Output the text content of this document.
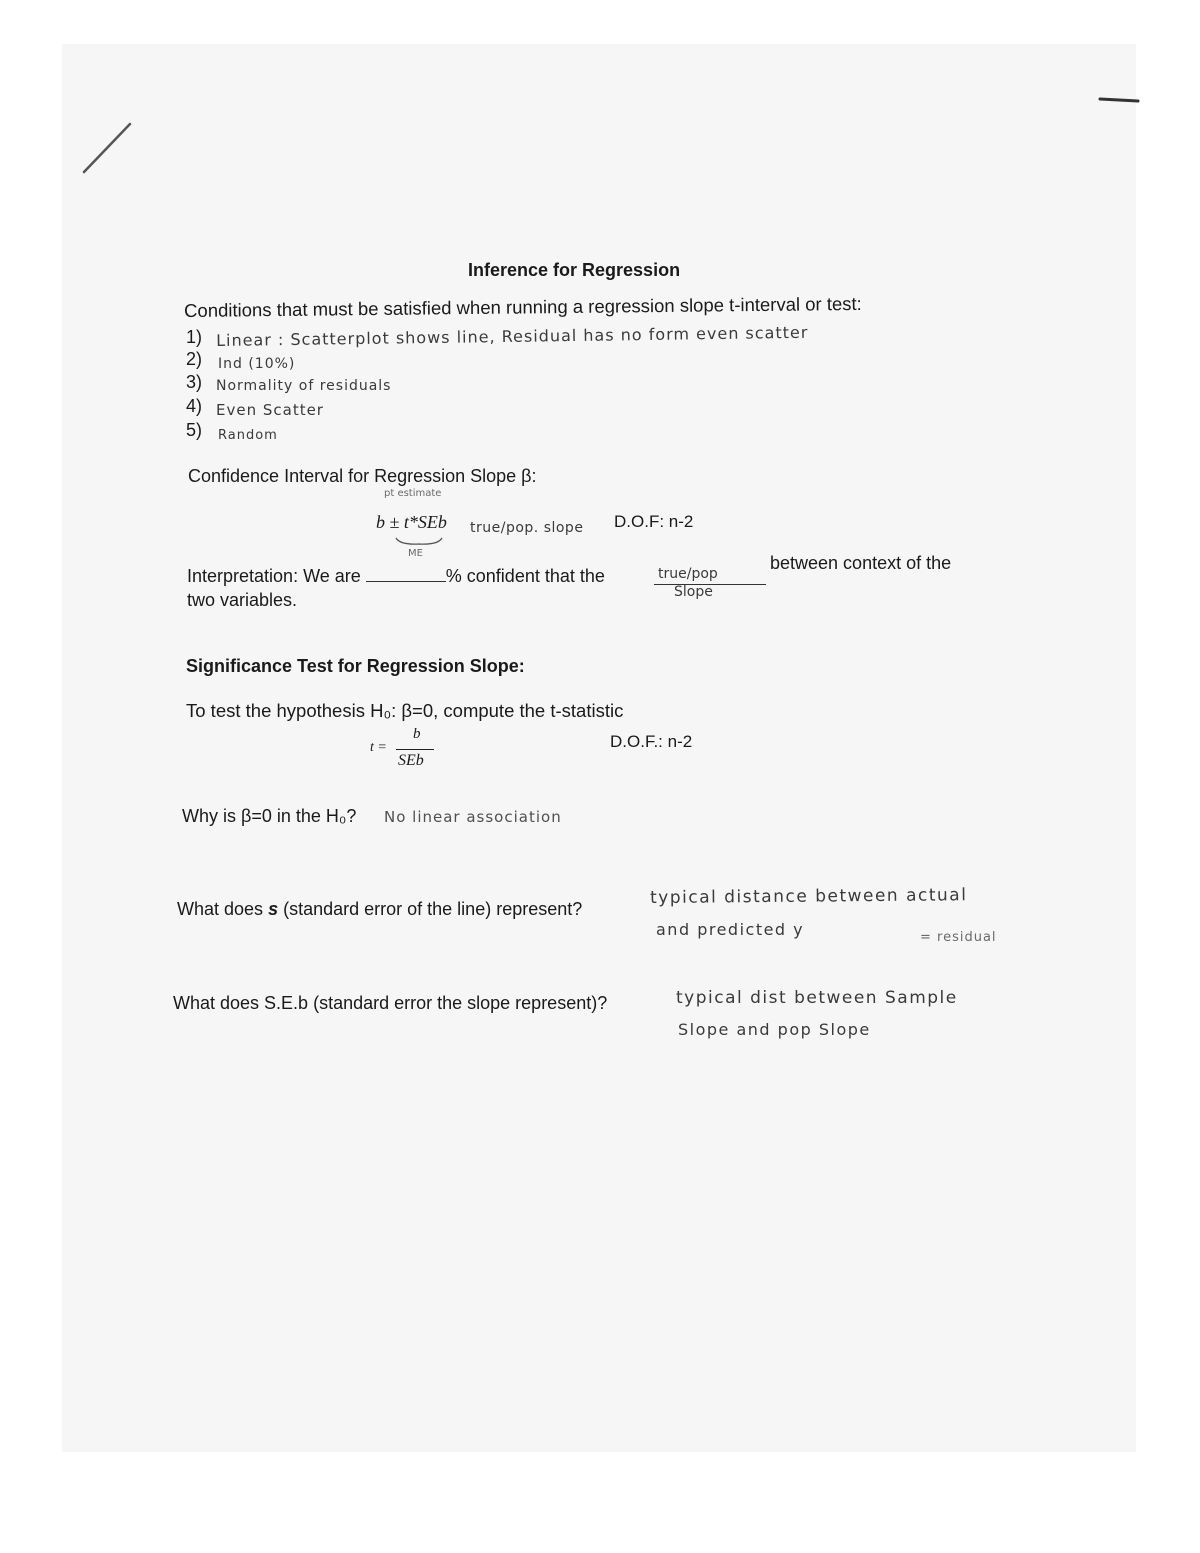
Inference for Regression
Conditions that must be satisfied when running a regression slope t-interval or test:
1) Linear : Scatterplot shows line, Residual has no form even scatter
2) Ind (10%)
3) Normality of residuals
4) Even Scatter
5) Random
Confidence Interval for Regression Slope β:
pt estimate
b ± t*SEb
ME
true/pop. slope D.O.F: n-2
Interpretation: We are	% confident that the	true/pop
Slope
between context of the
two variables.
Significance Test for Regression Slope:
To test the hypothesis H₀: β=0, compute the t-statistic
t =
b
SEb
D.O.F.: n-2
Why is β=0 in the H₀? No linear association
What does s (standard error of the line) represent?
typical distance between actual
and predicted y	= residual
What does S.E.b (standard error the slope represent)?	typical dist between Sample
Slope and pop Slope
